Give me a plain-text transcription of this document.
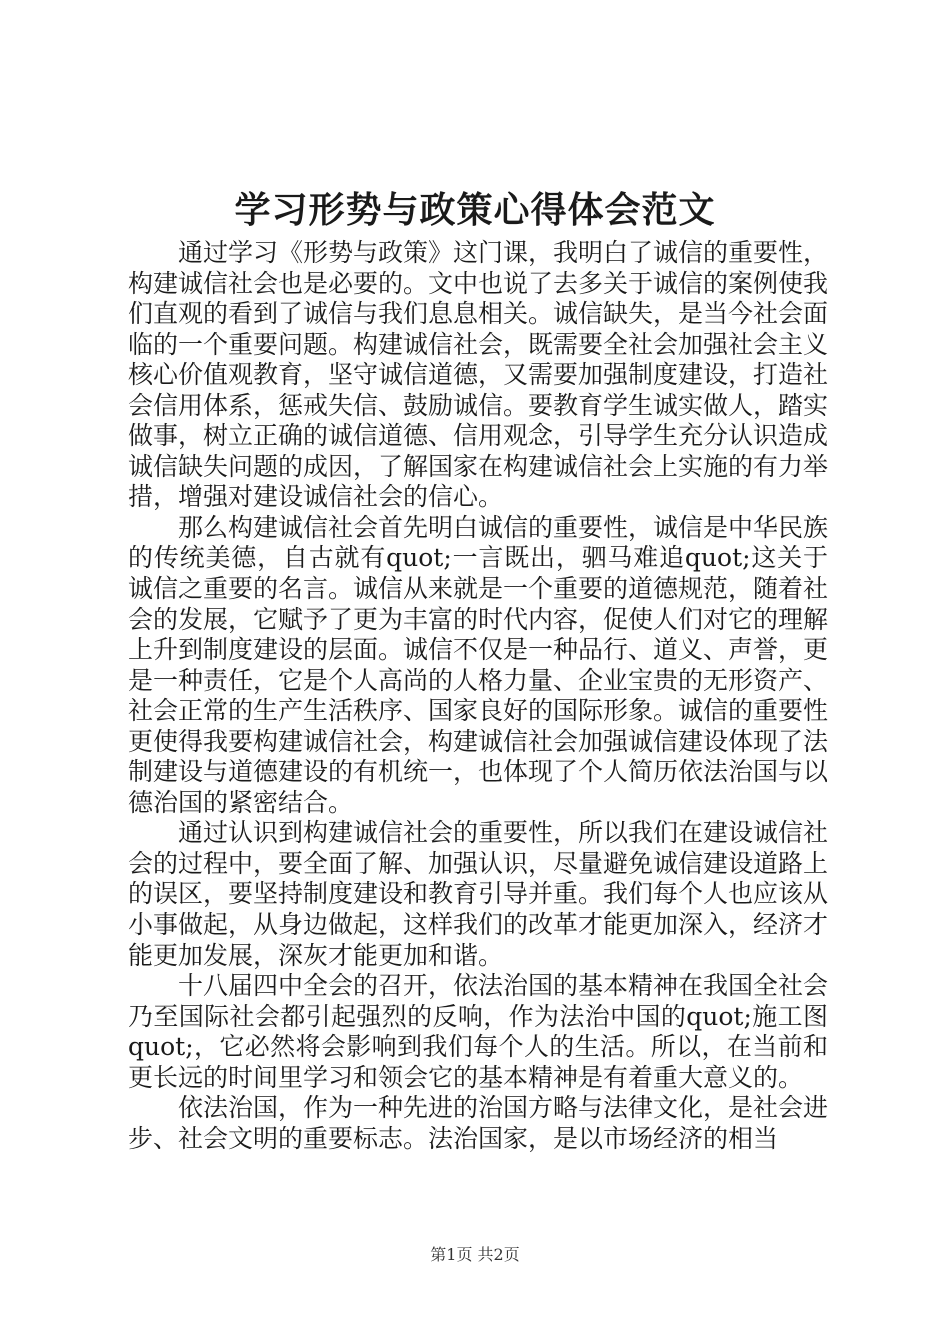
学习形势与政策心得体会范文

通过学习《形势与政策》这门课，我明白了诚信的重要性，构建诚信社会也是必要的。文中也说了去多关于诚信的案例使我们直观的看到了诚信与我们息息相关。诚信缺失，是当今社会面临的一个重要问题。构建诚信社会，既需要全社会加强社会主义核心价值观教育，坚守诚信道德，又需要加强制度建设，打造社会信用体系，惩戒失信、鼓励诚信。要教育学生诚实做人，踏实做事，树立正确的诚信道德、信用观念，引导学生充分认识造成诚信缺失问题的成因，了解国家在构建诚信社会上实施的有力举措，增强对建设诚信社会的信心。

那么构建诚信社会首先明白诚信的重要性，诚信是中华民族的传统美德，自古就有quot;一言既出，驷马难追quot;这关于诚信之重要的名言。诚信从来就是一个重要的道德规范，随着社会的发展，它赋予了更为丰富的时代内容，促使人们对它的理解上升到制度建设的层面。诚信不仅是一种品行、道义、声誉，更是一种责任，它是个人高尚的人格力量、企业宝贵的无形资产、社会正常的生产生活秩序、国家良好的国际形象。诚信的重要性更使得我要构建诚信社会，构建诚信社会加强诚信建设体现了法制建设与道德建设的有机统一，也体现了个人简历依法治国与以德治国的紧密结合。

通过认识到构建诚信社会的重要性，所以我们在建设诚信社会的过程中，要全面了解、加强认识，尽量避免诚信建设道路上的误区，要坚持制度建设和教育引导并重。我们每个人也应该从小事做起，从身边做起，这样我们的改革才能更加深入，经济才能更加发展，深灰才能更加和谐。

十八届四中全会的召开，依法治国的基本精神在我国全社会乃至国际社会都引起强烈的反响，作为法治中国的quot;施工图quot;，它必然将会影响到我们每个人的生活。所以，在当前和更长远的时间里学习和领会它的基本精神是有着重大意义的。

依法治国，作为一种先进的治国方略与法律文化，是社会进步、社会文明的重要标志。法治国家，是以市场经济的相当

第1页 共2页
